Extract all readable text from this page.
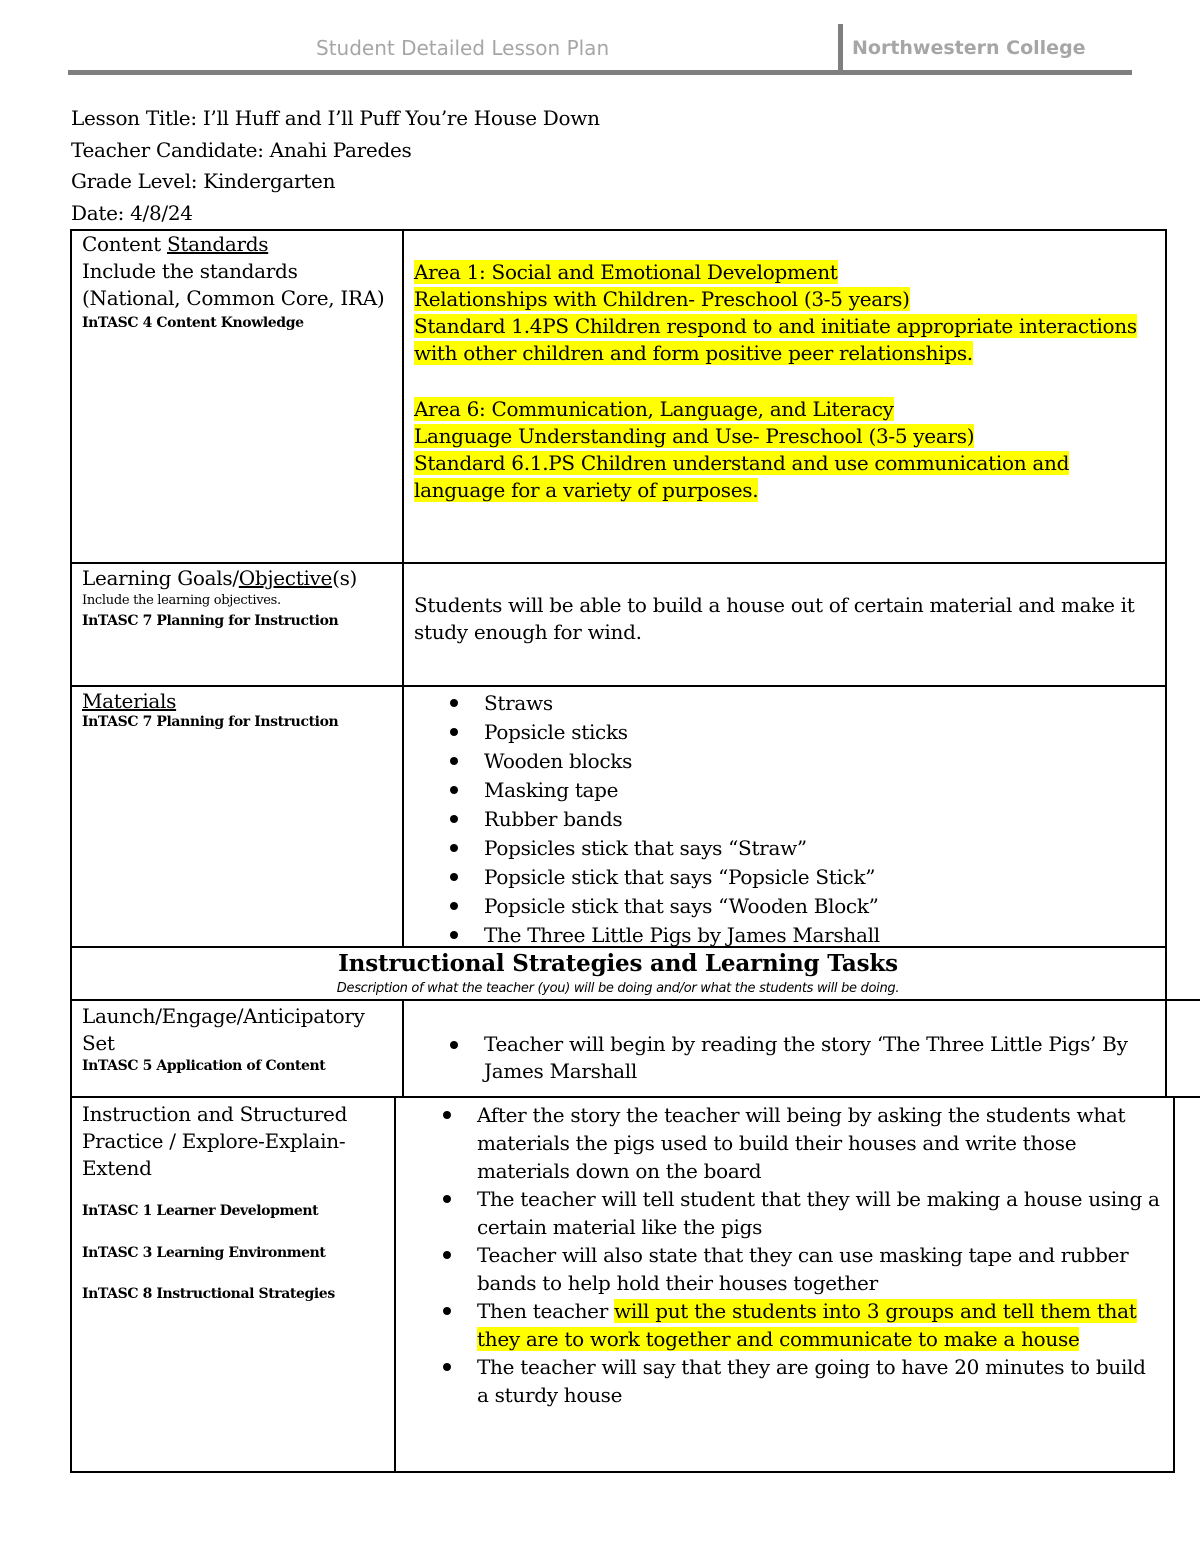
Student Detailed Lesson Plan	Northwestern College
Lesson Title: I’ll Huff and I’ll Puff You’re House Down
Teacher Candidate: Anahi Paredes
Grade Level: Kindergarten
Date: 4/8/24
Content Standards
Include the standards
(National, Common Core, IRA)
InTASC 4 Content Knowledge
Area 1: Social and Emotional Development
Relationships with Children- Preschool (3-5 years)
Standard 1.4PS Children respond to and initiate appropriate interactions
with other children and form positive peer relationships.
Area 6: Communication, Language, and Literacy
Language Understanding and Use- Preschool (3-5 years)
Standard 6.1.PS Children understand and use communication and
language for a variety of purposes.
Learning Goals/Objective(s)
Include the learning objectives.
InTASC 7 Planning for Instruction
Students will be able to build a house out of certain material and make it
study enough for wind.
Materials
InTASC 7 Planning for Instruction
Straws
Popsicle sticks
Wooden blocks
Masking tape
Rubber bands
Popsicles stick that says “Straw”
Popsicle stick that says “Popsicle Stick”
Popsicle stick that says “Wooden Block”
The Three Little Pigs by James Marshall
Instructional Strategies and Learning Tasks
Description of what the teacher (you) will be doing and/or what the students will be doing.
Launch/Engage/Anticipatory
Set
InTASC 5 Application of Content
Teacher will begin by reading the story ‘The Three Little Pigs’ By
James Marshall
Instruction and Structured
Practice / Explore-Explain-
Extend
InTASC 1 Learner Development
InTASC 3 Learning Environment
InTASC 8 Instructional Strategies
After the story the teacher will being by asking the students what
materials the pigs used to build their houses and write those
materials down on the board
The teacher will tell student that they will be making a house using a
certain material like the pigs
Teacher will also state that they can use masking tape and rubber
bands to help hold their houses together
Then teacher will put the students into 3 groups and tell them that
they are to work together and communicate to make a house
The teacher will say that they are going to have 20 minutes to build
a sturdy house
